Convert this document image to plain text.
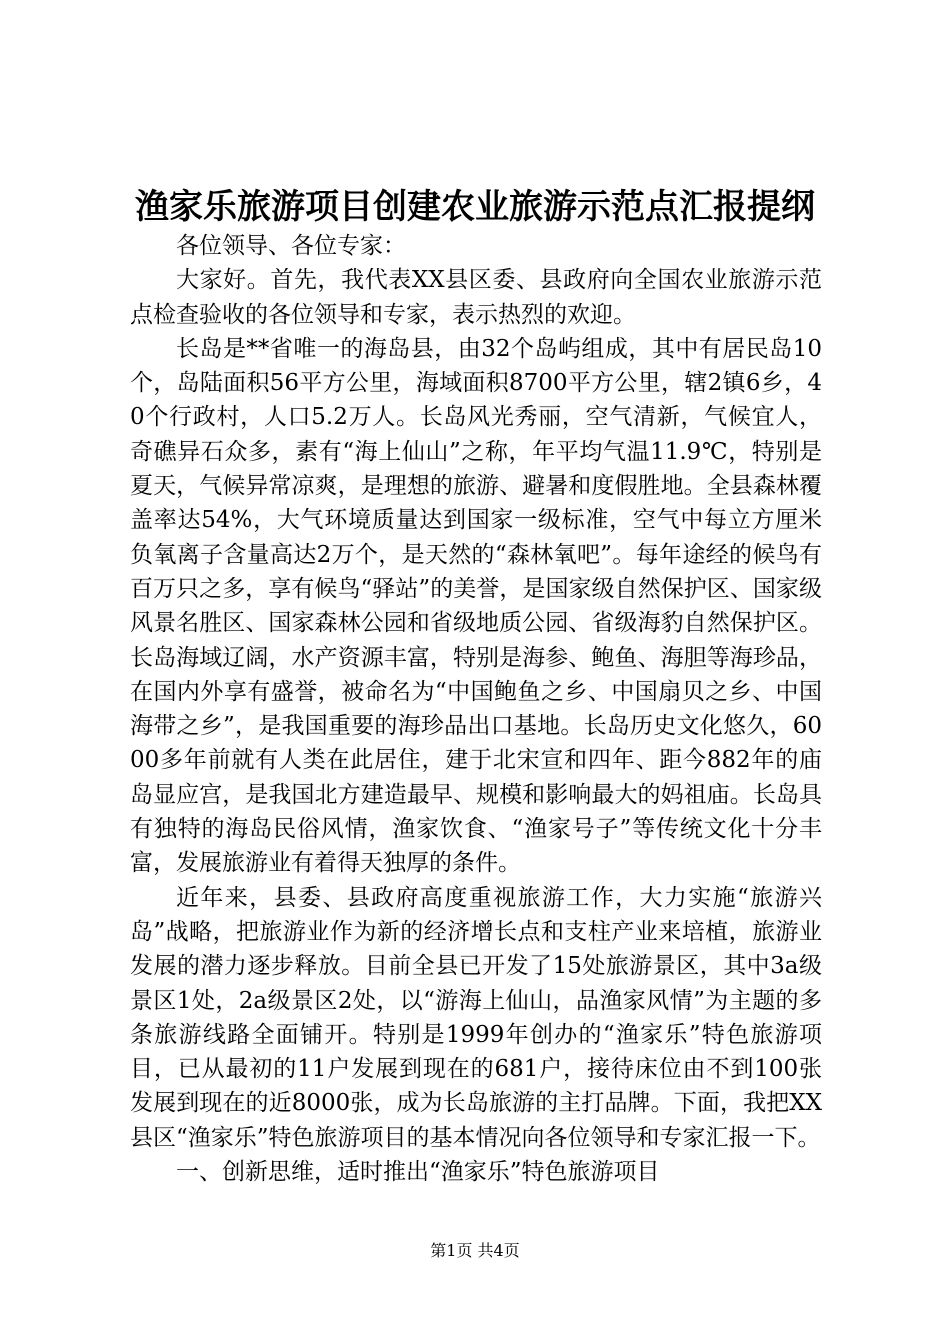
渔家乐旅游项目创建农业旅游示范点汇报提纲

各位领导、各位专家：

大家好。首先，我代表XX县区委、县政府向全国农业旅游示范点检查验收的各位领导和专家，表示热烈的欢迎。

长岛是**省唯一的海岛县，由32个岛屿组成，其中有居民岛10个，岛陆面积56平方公里，海域面积8700平方公里，辖2镇6乡，40个行政村，人口5.2万人。长岛风光秀丽，空气清新，气候宜人，奇礁异石众多，素有“海上仙山”之称，年平均气温11.9℃，特别是夏天，气候异常凉爽，是理想的旅游、避暑和度假胜地。全县森林覆盖率达54%，大气环境质量达到国家一级标准，空气中每立方厘米负氧离子含量高达2万个，是天然的“森林氧吧”。每年途经的候鸟有百万只之多，享有候鸟“驿站”的美誉，是国家级自然保护区、国家级风景名胜区、国家森林公园和省级地质公园、省级海豹自然保护区。长岛海域辽阔，水产资源丰富，特别是海参、鲍鱼、海胆等海珍品，在国内外享有盛誉，被命名为“中国鲍鱼之乡、中国扇贝之乡、中国海带之乡”，是我国重要的海珍品出口基地。长岛历史文化悠久，6000多年前就有人类在此居住，建于北宋宣和四年、距今882年的庙岛显应宫，是我国北方建造最早、规模和影响最大的妈祖庙。长岛具有独特的海岛民俗风情，渔家饮食、“渔家号子”等传统文化十分丰富，发展旅游业有着得天独厚的条件。

近年来，县委、县政府高度重视旅游工作，大力实施“旅游兴岛”战略，把旅游业作为新的经济增长点和支柱产业来培植，旅游业发展的潜力逐步释放。目前全县已开发了15处旅游景区，其中3a级景区1处，2a级景区2处，以“游海上仙山，品渔家风情”为主题的多条旅游线路全面铺开。特别是1999年创办的“渔家乐”特色旅游项目，已从最初的11户发展到现在的681户，接待床位由不到100张发展到现在的近8000张，成为长岛旅游的主打品牌。下面，我把XX县区“渔家乐”特色旅游项目的基本情况向各位领导和专家汇报一下。

一、创新思维，适时推出“渔家乐”特色旅游项目

第1页 共4页
